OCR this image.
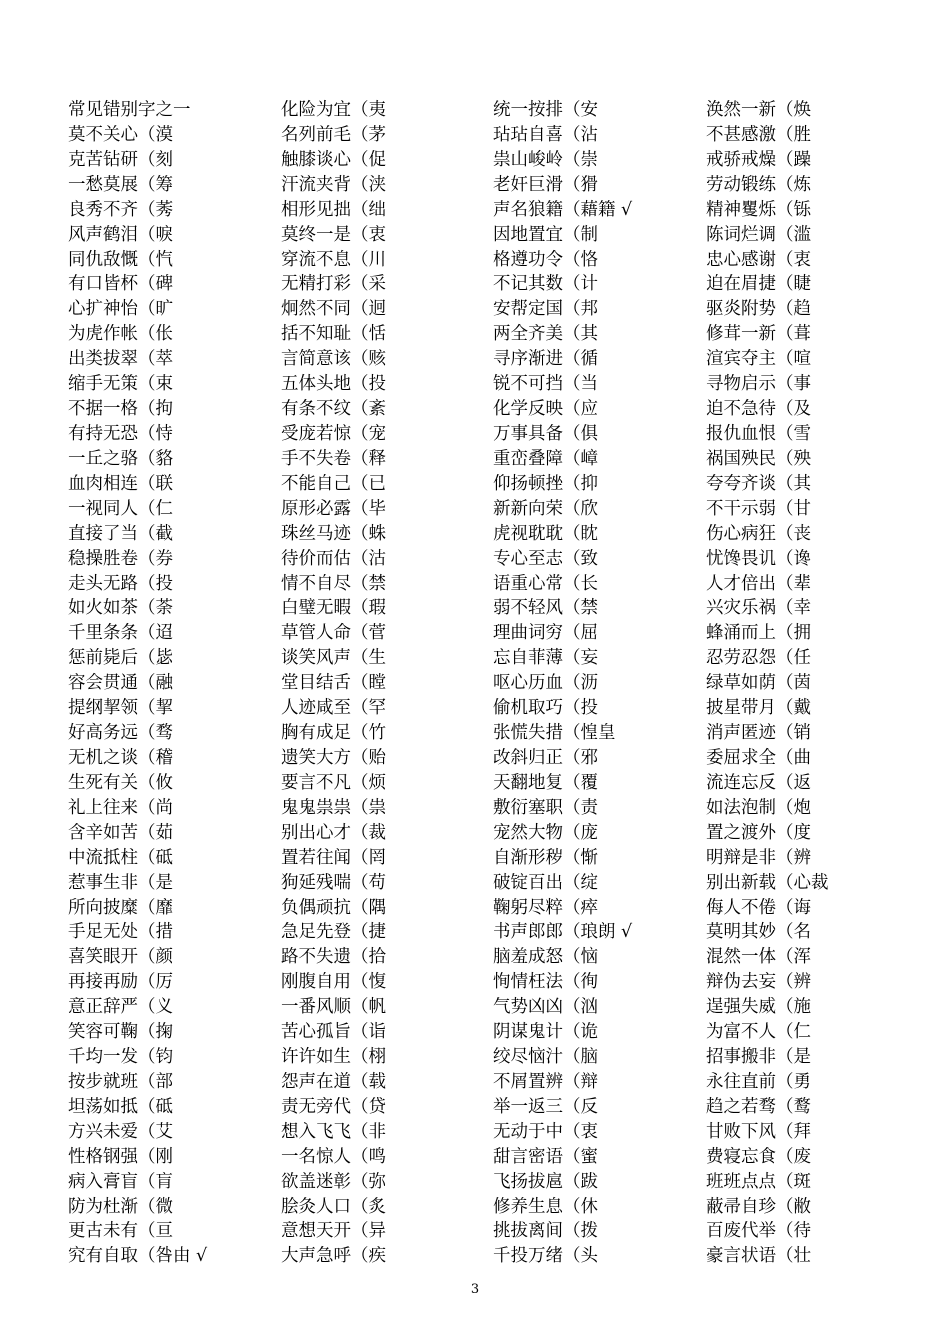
常见错别字之一
莫不关心（漠
克苦钻研（刻
一愁莫展（筹
良秀不齐（莠
风声鹤泪（唳
同仇敌慨（忾
有口皆杯（碑
心扩神怡（旷
为虎作帐（伥
出类拔翠（萃
缩手无策（束
不据一格（拘
有持无恐（恃
一丘之骆（貉
血肉相连（联
一视同人（仁
直接了当（截
稳操胜卷（券
走头无路（投
如火如茶（荼
千里条条（迢
惩前毙后（毖
容会贯通（融
提纲挈领（挈
好高务远（骛
无机之谈（稽
生死有关（攸
礼上往来（尚
含辛如苦（茹
中流抵柱（砥
惹事生非（是
所向披糜（靡
手足无处（措
喜笑眼开（颜
再接再励（厉
意正辞严（义
笑容可鞠（掬
千均一发（钧
按步就班（部
坦荡如抵（砥
方兴未爱（艾
性格钢强（刚
病入膏盲（肓
防为杜渐（微
更古未有（亘
究有自取（咎由 √
化险为宜（夷
名列前毛（茅
触膝谈心（促
汗流夹背（浃
相形见拙（绌
莫终一是（衷
穿流不息（川
无精打彩（采
炯然不同（迥
括不知耻（恬
言简意该（赅
五体头地（投
有条不纹（紊
受庞若惊（宠
手不失卷（释
不能自己（已
原形必露（毕
珠丝马迹（蛛
待价而估（沽
情不自尽（禁
白璧无暇（瑕
草管人命（菅
谈笑风声（生
堂目结舌（瞠
人迹咸至（罕
胸有成足（竹
遗笑大方（贻
要言不凡（烦
鬼鬼祟祟（祟
别出心才（裁
置若往闻（罔
狗延残喘（苟
负偶顽抗（隅
急足先登（捷
路不失遗（拾
刚腹自用（愎
一番风顺（帆
苦心孤旨（诣
许许如生（栩
怨声在道（载
责无旁代（贷
想入飞飞（非
一名惊人（鸣
欲盖迷彰（弥
脍灸人口（炙
意想天开（异
大声急呼（疾
统一按排（安
玷玷自喜（沾
祟山峻岭（崇
老奸巨滑（猾
声名狼籍（藉籍 √
因地置宜（制
格遵功令（恪
不记其数（计
安帮定国（邦
两全齐美（其
寻序渐进（循
锐不可挡（当
化学反映（应
万事具备（俱
重峦叠障（嶂
仰扬顿挫（抑
新新向荣（欣
虎视耽耽（眈
专心至志（致
语重心常（长
弱不轻风（禁
理曲词穷（屈
忘自菲薄（妄
呕心历血（沥
偷机取巧（投
张慌失措（惶皇
改斜归正（邪
天翻地复（覆
敷衍塞职（责
宠然大物（庞
自渐形秽（惭
破锭百出（绽
鞠躬尽粹（瘁
书声郎郎（琅朗 √
脑羞成怒（恼
恂情枉法（徇
气势凶凶（汹
阴谋鬼计（诡
绞尽恼汁（脑
不屑置辨（辩
举一返三（反
无动于中（衷
甜言密语（蜜
飞扬拔扈（跋
修养生息（休
挑拔离间（拨
千投万绪（头
涣然一新（焕
不甚感激（胜
戒骄戒燥（躁
劳动锻练（炼
精神矍烁（铄
陈词烂调（滥
忠心感谢（衷
迫在眉捷（睫
驱炎附势（趋
修茸一新（葺
渲宾夺主（喧
寻物启示（事
迫不急待（及
报仇血恨（雪
祸国殃民（殃
夸夸齐谈（其
不干示弱（甘
伤心病狂（丧
忧馋畏讥（谗
人才倍出（辈
兴灾乐祸（幸
蜂涌而上（拥
忍劳忍怨（任
绿草如荫（茵
披星带月（戴
消声匿迹（销
委屈求全（曲
流连忘反（返
如法泡制（炮
置之渡外（度
明辩是非（辨
别出新载（心裁
侮人不倦（诲
莫明其妙（名
混然一体（浑
辩伪去妄（辨
逞强失威（施
为富不人（仁
招事搬非（是
永往直前（勇
趋之若骛（鹜
甘败下风（拜
费寝忘食（废
班班点点（斑
蔽帚自珍（敝
百废代举（待
豪言状语（壮
3
